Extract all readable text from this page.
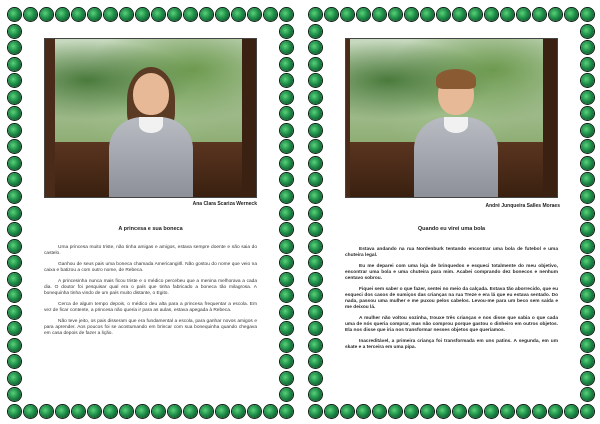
Ana Clara Scariza Werneck
A princesa e sua boneca

Uma princesa muito triste, não tinha amigas e amigos, estava sempre doente e não saia do castelo.

Ganhou de seus pais uma boneca chamada Americangirll. Não gostou do nome que veio na caixa e batizou a com outro nome, de Rebeca.

A princesinha nunca mais ficou triste e o médico percebeu que a menina melhorava a cada dia. O doutor foi pesquisar qual era o país que tinha fabricado a boneca tão milagrosa. A bonequinha tinha vindo de um país muito distante, o Egito.

Cerca de algum tempo depois, o médico deu alta para a princesa frequentar a escola. Em vez de ficar contente, a princesa não queria ir para as aulas, estava apegada à Rebeca.

Não teve jeito, os pais disseram que era fundamental a escola, para ganhar novos amigos e para aprender. Aos poucos foi se acostumando em brincar com sua bonequinha quando chegava em casa depois de fazer a lição.

André Junqueira Salles Moraes
Quando eu virei uma bola

Estava andando na rua Nordenburk tentando encontrar uma bola de futebol e uma chuteira legal.

Eu me deparei com uma loja de brinquedos e esqueci totalmente do meu objetivo, encontrar uma bola e uma chuteira para mim. Acabei comprando dez bonecos e nenhum centavo sobrou.

Fiquei sem saber o que fazer, sentei no meio da calçada. Estava tão aborrecido, que eu esqueci dos casos de sumiços das crianças na rua Treze e era lá que eu estava sentado. Do nada, passou uma mulher e me puxou pelos cabelos. Levou-me para um beco sem saída e me deixou lá.

A mulher não voltou sozinha, trouxe três crianças e nos disse que sabia o que cada uma de nós queria comprar, mas não comprou porque gastou o dinheiro em outros objetos. Ela nos disse que iria nos transformar nesses objetos que queríamos.

Inacreditável, a primeira criança foi transformada em uns patins. A segunda, em um skate e a terceira em uma pipa.
